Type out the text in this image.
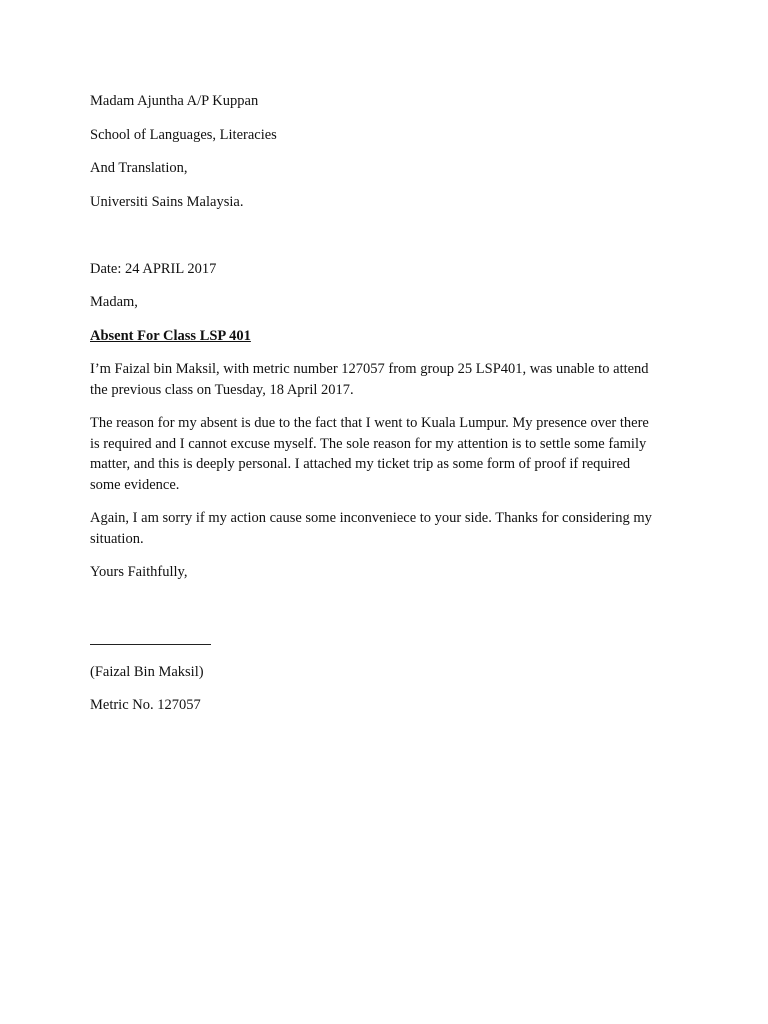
Madam Ajuntha A/P Kuppan
School of Languages, Literacies
And Translation,
Universiti Sains Malaysia.
Date: 24 APRIL 2017
Madam,
Absent For Class LSP 401
I’m Faizal bin Maksil, with metric number 127057 from group 25 LSP401, was unable to attend
the previous class on Tuesday, 18 April 2017.
The reason for my absent is due to the fact that I went to Kuala Lumpur. My presence over there
is required and I cannot excuse myself. The sole reason for my attention is to settle some family
matter, and this is deeply personal. I attached my ticket trip as some form of proof if required
some evidence.
Again, I am sorry if my action cause some inconveniece to your side. Thanks for considering my
situation.
Yours Faithfully,
(Faizal Bin Maksil)
Metric No. 127057
